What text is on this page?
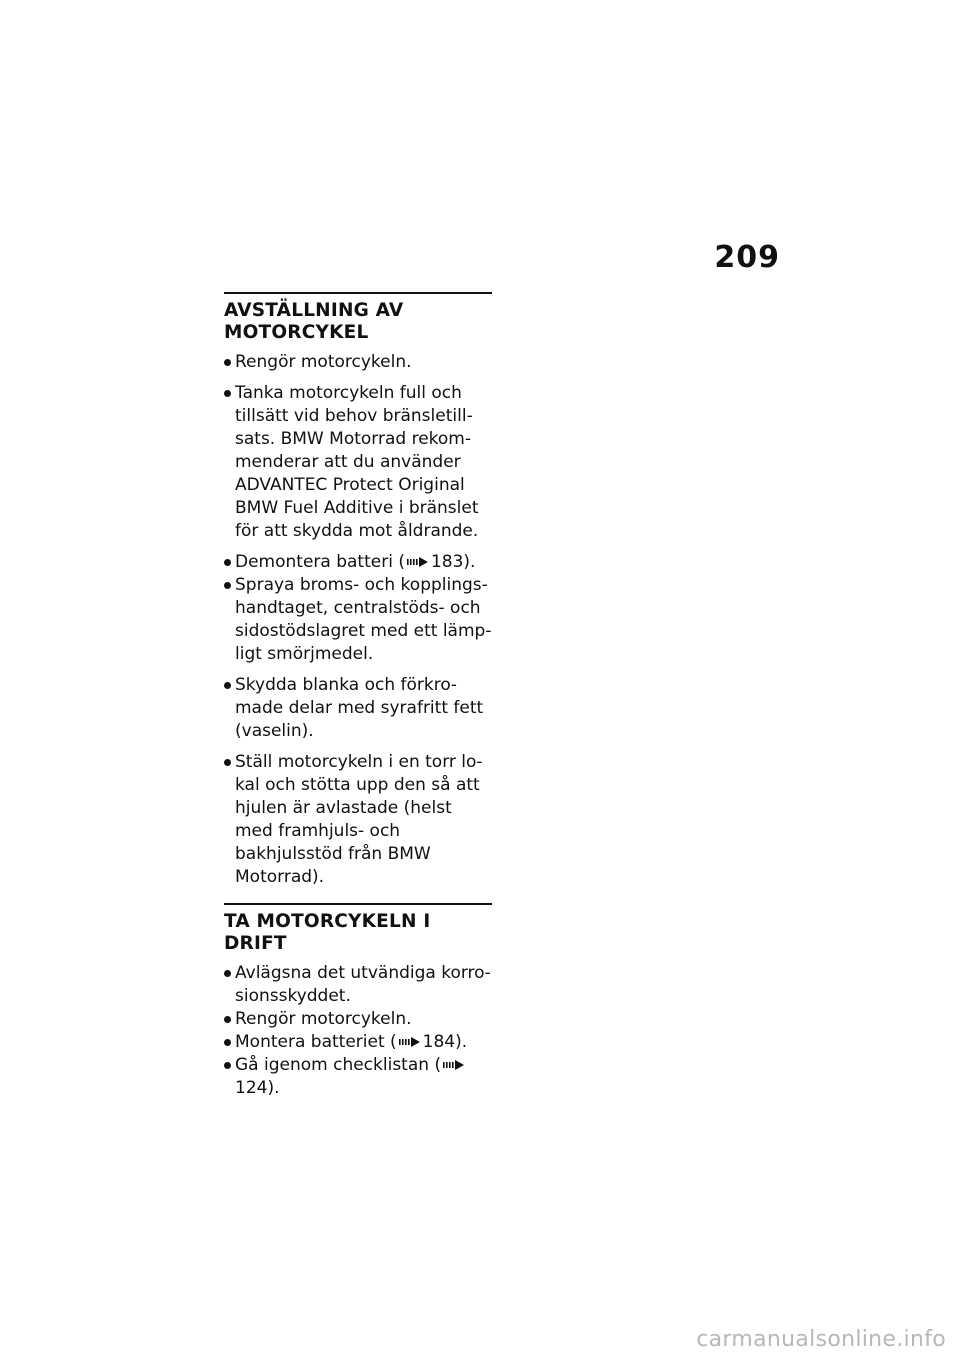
209
AVSTÄLLNING AV MOTORCYKEL
Rengör motorcykeln.
Tanka motorcykeln full och tillsätt vid behov bränsletillsats. BMW Motorrad rekommenderar att du använder ADVANTEC Protect Original BMW Fuel Additive i bränslet för att skydda mot åldrande.
Demontera batteri ( 183).
Spraya broms- och kopplingshandtaget, centralstöds- och sidostödslagret med ett lämpligt smörjmedel.
Skydda blanka och förkromade delar med syrafritt fett (vaselin).
Ställ motorcykeln i en torr lokal och stötta upp den så att hjulen är avlastade (helst med framhjuls- och bakhjulsstöd från BMW Motorrad).
TA MOTORCYKELN I DRIFT
Avlägsna det utvändiga korrosionsskyddet.
Rengör motorcykeln.
Montera batteriet ( 184).
Gå igenom checklistan (124).
carmanualsonline.info
